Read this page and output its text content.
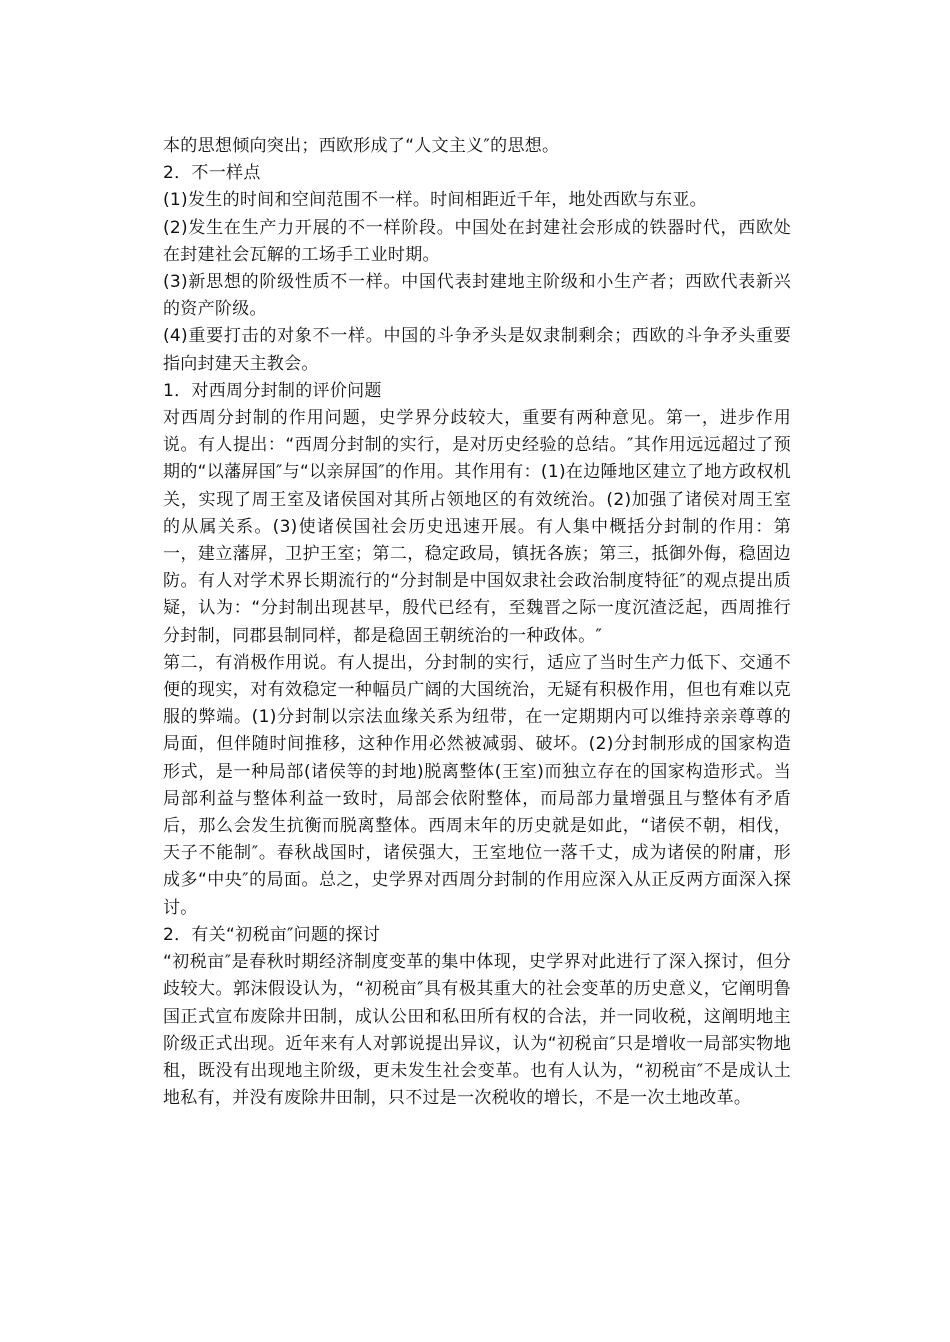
本的思想倾向突出；西欧形成了“人文主义″的思想。

2．不一样点

(1)发生的时间和空间范围不一样。时间相距近千年，地处西欧与东亚。

(2)发生在生产力开展的不一样阶段。中国处在封建社会形成的铁器时代，西欧处在封建社会瓦解的工场手工业时期。

(3)新思想的阶级性质不一样。中国代表封建地主阶级和小生产者；西欧代表新兴的资产阶级。

(4)重要打击的对象不一样。中国的斗争矛头是奴隶制剩余；西欧的斗争矛头重要指向封建天主教会。

1．对西周分封制的评价问题

对西周分封制的作用问题，史学界分歧较大，重要有两种意见。第一，进步作用说。有人提出：“西周分封制的实行，是对历史经验的总结。″其作用远远超过了预期的“以藩屏国″与“以亲屏国″的作用。其作用有：(1)在边陲地区建立了地方政权机关，实现了周王室及诸侯国对其所占领地区的有效统治。(2)加强了诸侯对周王室的从属关系。(3)使诸侯国社会历史迅速开展。有人集中概括分封制的作用：第一，建立藩屏，卫护王室；第二，稳定政局，镇抚各族；第三，抵御外侮，稳固边防。有人对学术界长期流行的“分封制是中国奴隶社会政治制度特征″的观点提出质疑，认为：“分封制出现甚早，殷代已经有，至魏晋之际一度沉渣泛起，西周推行分封制，同郡县制同样，都是稳固王朝统治的一种政体。″

第二，有消极作用说。有人提出，分封制的实行，适应了当时生产力低下、交通不便的现实，对有效稳定一种幅员广阔的大国统治，无疑有积极作用，但也有难以克服的弊端。(1)分封制以宗法血缘关系为纽带，在一定期期内可以维持亲亲尊尊的局面，但伴随时间推移，这种作用必然被减弱、破坏。(2)分封制形成的国家构造形式，是一种局部(诸侯等的封地)脱离整体(王室)而独立存在的国家构造形式。当局部利益与整体利益一致时，局部会依附整体，而局部力量增强且与整体有矛盾后，那么会发生抗衡而脱离整体。西周末年的历史就是如此，“诸侯不朝，相伐，天子不能制″。春秋战国时，诸侯强大，王室地位一落千丈，成为诸侯的附庸，形成多“中央″的局面。总之，史学界对西周分封制的作用应深入从正反两方面深入探讨。

2．有关“初税亩″问题的探讨

“初税亩″是春秋时期经济制度变革的集中体现，史学界对此进行了深入探讨，但分歧较大。郭沫假设认为，“初税亩″具有极其重大的社会变革的历史意义，它阐明鲁国正式宣布废除井田制，成认公田和私田所有权的合法，并一同收税，这阐明地主阶级正式出现。近年来有人对郭说提出异议，认为“初税亩″只是增收一局部实物地租，既没有出现地主阶级，更未发生社会变革。也有人认为，“初税亩″不是成认土地私有，并没有废除井田制，只不过是一次税收的增长，不是一次土地改革。
